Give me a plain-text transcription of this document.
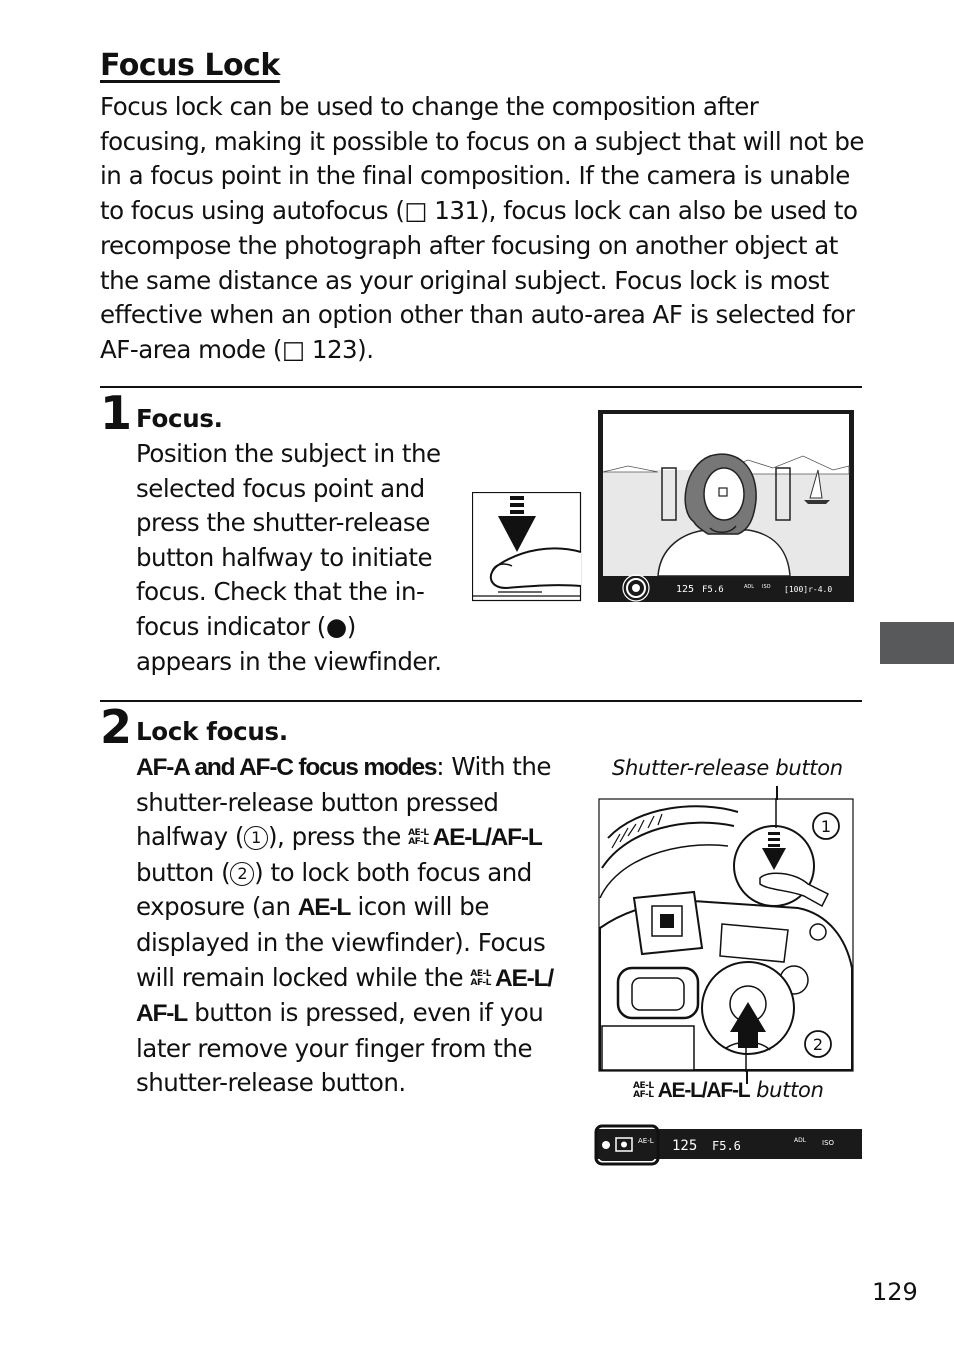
Focus Lock
Focus lock can be used to change the composition after
focusing, making it possible to focus on a subject that will not be
in a focus point in the final composition. If the camera is unable
to focus using autofocus (□ 131), focus lock can also be used to
recompose the photograph after focusing on another object at
the same distance as your original subject. Focus lock is most
effective when an option other than auto-area AF is selected for
AF-area mode (□ 123).
1 Focus.
Position the subject in the
selected focus point and
press the shutter-release
button halfway to initiate
focus. Check that the in-
focus indicator (●)
appears in the viewfinder.
125 F5.6	ADL ISO [100]r-4.0
2 Lock focus.
AF-A and AF-C focus modes: With the
shutter-release button pressed
halfway ( 1 ), press the AE-L
AF-L AE-L/AF-L
button ( 2 ) to lock both focus and
exposure (an AE-L icon will be
displayed in the viewfinder). Focus
will remain locked while the AE-L
AF-L AE-L/
AF-L button is pressed, even if you
later remove your finger from the
shutter-release button.
Shutter-release button
1
2
AE-L
AF-L AE-L/AF-L button
AE-L 125 F5.6	ADL ISO
129
